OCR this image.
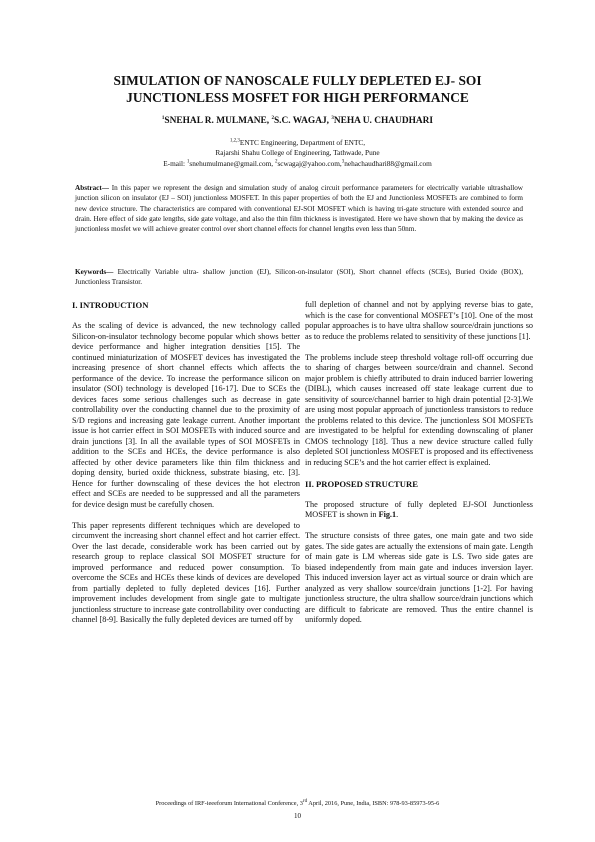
SIMULATION OF NANOSCALE FULLY DEPLETED EJ- SOI
JUNCTIONLESS MOSFET FOR HIGH PERFORMANCE
$^1$SNEHAL R. MULMANE, $^2$S.C. WAGAJ, $^3$NEHA U. CHAUDHARI
$^{1,2,3}$ENTC Engineering, Department of ENTC,
Rajarshi Shahu College of Engineering, Tathwade, Pune
E-mail: $^1$snehumulmane@gmail.com, $^2$scwagaj@yahoo.com,$^3$nehachaudhari88@gmail.com

Abstract— In this paper we represent the design and simulation study of analog circuit performance parameters for electrically variable ultrashallow junction silicon on insulator (EJ – SOI) junctionless MOSFET. In this paper properties of both the EJ and Junctionless MOSFETs are combined to form new device structure. The characteristics are compared with conventional EJ-SOI MOSFET which is having tri-gate structure with extended source and drain. Here effect of side gate lengths, side gate voltage, and also the thin film thickness is investigated. Here we have shown that by making the device as junctionless mosfet we will achieve greater control over short channel effects for channel lengths even less than 50nm.

Keywords— Electrically Variable ultra- shallow junction (EJ), Silicon-on-insulator (SOI), Short channel effects (SCEs), Buried Oxide (BOX), Junctionless Transistor.

I. INTRODUCTION

As the scaling of device is advanced, the new technology called Silicon-on-insulator technology become popular which shows better device performance and higher integration densities [15]. The continued miniaturization of MOSFET devices has investigated the increasing presence of short channel effects which affects the performance of the device. To increase the performance silicon on insulator (SOI) technology is developed [16-17]. Due to SCEs the devices faces some serious challenges such as decrease in gate controllability over the conducting channel due to the proximity of S/D regions and increasing gate leakage current. Another important issue is hot carrier effect in SOI MOSFETs with induced source and drain junctions [3]. In all the available types of SOI MOSFETs in addition to the SCEs and HCEs, the device performance is also affected by other device parameters like thin film thickness and doping density, buried oxide thickness, substrate biasing, etc. [3]. Hence for further downscaling of these devices the hot electron effect and SCEs are needed to be suppressed and all the parameters for device design must be carefully chosen.

This paper represents different techniques which are developed to circumvent the increasing short channel effect and hot carrier effect. Over the last decade, considerable work has been carried out by research group to replace classical SOI MOSFET structure for improved performance and reduced power consumption. To overcome the SCEs and HCEs these kinds of devices are developed from partially depleted to fully depleted devices [16]. Further improvement includes development from single gate to multigate junctionless structure to increase gate controllability over conducting channel [8-9]. Basically the fully depleted devices are turned off by

full depletion of channel and not by applying reverse bias to gate, which is the case for conventional MOSFET’s [10]. One of the most popular approaches is to have ultra shallow source/drain junctions so as to reduce the problems related to sensitivity of these junctions [1].

The problems include steep threshold voltage roll-off occurring due to sharing of charges between source/drain and channel. Second major problem is chiefly attributed to drain induced barrier lowering (DIBL), which causes increased off state leakage current due to sensitivity of source/channel barrier to high drain potential [2-3].We are using most popular approach of junctionless transistors to reduce the problems related to this device. The junctionless SOI MOSFETs are investigated to be helpful for extending downscaling of planer CMOS technology [18]. Thus a new device structure called fully depleted SOI junctionless MOSFET is proposed and its effectiveness in reducing SCE’s and the hot carrier effect is explained.

II. PROPOSED STRUCTURE

The proposed structure of fully depleted EJ-SOI Junctionless MOSFET is shown in Fig.1.

The structure consists of three gates, one main gate and two side gates. The side gates are actually the extensions of main gate. Length of main gate is LM whereas side gate is LS. Two side gates are biased independently from main gate and induces inversion layer. This induced inversion layer act as virtual source or drain which are analyzed as very shallow source/drain junctions [1-2]. For having junctionless structure, the ultra shallow source/drain junctions which are difficult to fabricate are removed. Thus the entire channel is uniformly doped.

Proceedings of IRF-ieeeforum International Conference, 3rd April, 2016, Pune, India, ISBN: 978-93-85973-95-6
10
